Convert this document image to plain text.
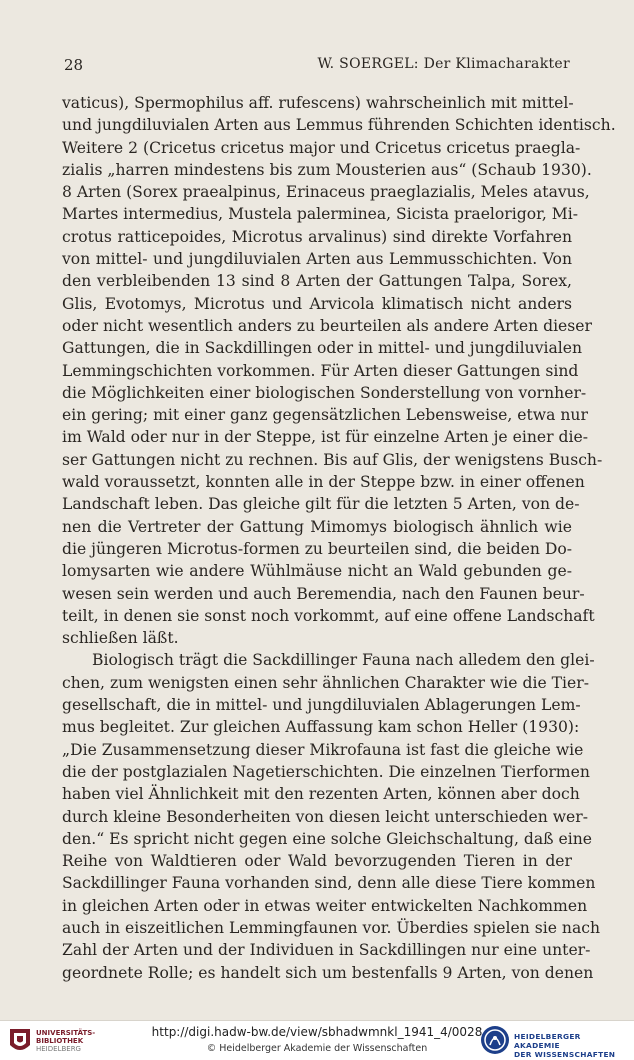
28	W. SOERGEL: Der Klimacharakter
vaticus), Spermophilus aff. rufescens) wahrscheinlich mit mittel-
und jungdiluvialen Arten aus Lemmus führenden Schichten identisch.
Weitere 2 (Cricetus cricetus major und Cricetus cricetus praegla-
zialis „harren mindestens bis zum Mousterien aus“ (Schaub 1930).
8 Arten (Sorex praealpinus, Erinaceus praeglazialis, Meles atavus,
Martes intermedius, Mustela palerminea, Sicista praelorigor, Mi-
crotus ratticepoides, Microtus arvalinus) sind direkte Vorfahren
von mittel- und jungdiluvialen Arten aus Lemmusschichten. Von
den verbleibenden 13 sind 8 Arten der Gattungen Talpa, Sorex,
Glis, Evotomys, Microtus und Arvicola klimatisch nicht anders
oder nicht wesentlich anders zu beurteilen als andere Arten dieser
Gattungen, die in Sackdillingen oder in mittel- und jungdiluvialen
Lemmingschichten vorkommen. Für Arten dieser Gattungen sind
die Möglichkeiten einer biologischen Sonderstellung von vornher-
ein gering; mit einer ganz gegensätzlichen Lebensweise, etwa nur
im Wald oder nur in der Steppe, ist für einzelne Arten je einer die-
ser Gattungen nicht zu rechnen. Bis auf Glis, der wenigstens Busch-
wald voraussetzt, konnten alle in der Steppe bzw. in einer offenen
Landschaft leben. Das gleiche gilt für die letzten 5 Arten, von de-
nen die Vertreter der Gattung Mimomys biologisch ähnlich wie
die jüngeren Microtus-formen zu beurteilen sind, die beiden Do-
lomysarten wie andere Wühlmäuse nicht an Wald gebunden ge-
wesen sein werden und auch Beremendia, nach den Faunen beur-
teilt, in denen sie sonst noch vorkommt, auf eine offene Landschaft
schließen läßt.
Biologisch trägt die Sackdillinger Fauna nach alledem den glei-
chen, zum wenigsten einen sehr ähnlichen Charakter wie die Tier-
gesellschaft, die in mittel- und jungdiluvialen Ablagerungen Lem-
mus begleitet. Zur gleichen Auffassung kam schon Heller (1930):
„Die Zusammensetzung dieser Mikrofauna ist fast die gleiche wie
die der postglazialen Nagetierschichten. Die einzelnen Tierformen
haben viel Ähnlichkeit mit den rezenten Arten, können aber doch
durch kleine Besonderheiten von diesen leicht unterschieden wer-
den.“ Es spricht nicht gegen eine solche Gleichschaltung, daß eine
Reihe von Waldtieren oder Wald bevorzugenden Tieren in der
Sackdillinger Fauna vorhanden sind, denn alle diese Tiere kommen
in gleichen Arten oder in etwas weiter entwickelten Nachkommen
auch in eiszeitlichen Lemmingfaunen vor. Überdies spielen sie nach
Zahl der Arten und der Individuen in Sackdillingen nur eine unter-
geordnete Rolle; es handelt sich um bestenfalls 9 Arten, von denen
UNIVERSITÄTS-
BIBLIOTHEK
HEIDELBERG
http://digi.hadw-bw.de/view/sbhadwmnkl_1941_4/0028
© Heidelberger Akademie der Wissenschaften
HEIDELBERGER AKADEMIE
DER WISSENSCHAFTEN
